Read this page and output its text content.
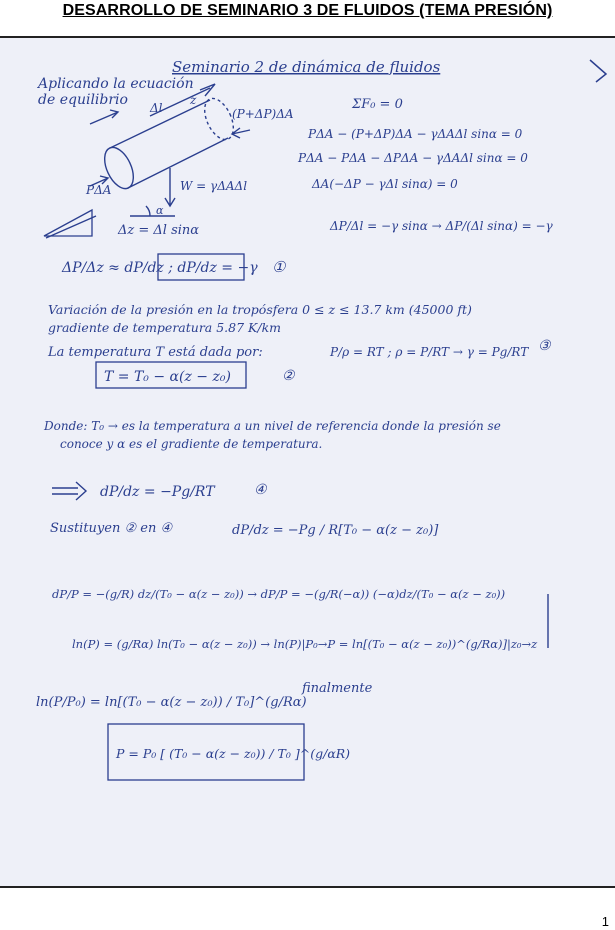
DESARROLLO DE SEMINARIO 3 DE FLUIDOS (TEMA PRESIÓN)
Seminario 2 de dinámica de fluidos
Aplicando la ecuación
de equilibrio	z
Δl
PΔA
(P+ΔP)ΔA
W = γΔAΔl
α
ΣF₀ = 0
PΔA − (P+ΔP)ΔA − γΔAΔl sinα = 0
PΔA − PΔA − ΔPΔA − γΔAΔl sinα = 0
ΔA(−ΔP − γΔl sinα) = 0
Δz = Δl sinα	ΔP/Δl = −γ sinα → ΔP/(Δl sinα) = −γ
ΔP/Δz ≈ dP/dz ; dP/dz = −γ ①
Variación de la presión en la tropósfera 0 ≤ z ≤ 13.7 km (45000 ft)
gradiente de temperatura 5.87 K/km
La temperatura T está dada por:	P/ρ = RT ; ρ = P/RT → γ = Pg/RT ③
T = T₀ − α(z − z₀)	②
Donde: T₀ → es la temperatura a un nivel de referencia donde la presión se
conoce y α es el gradiente de temperatura.
dP/dz = −Pg/RT	④
Sustituyen ② en ④	dP/dz = −Pg / R[T₀ − α(z − z₀)]
dP/P = −(g/R) dz/(T₀ − α(z − z₀)) → dP/P = −(g/R(−α)) (−α)dz/(T₀ − α(z − z₀))
ln(P) = (g/Rα) ln(T₀ − α(z − z₀)) → ln(P)|P₀→P = ln[(T₀ − α(z − z₀))^(g/Rα)]|z₀→z
ln(P/P₀) = ln[(T₀ − α(z − z₀)) / T₀]^(g/Rα)
finalmente
P = P₀ [ (T₀ − α(z − z₀)) / T₀ ]^(g/αR)
1
